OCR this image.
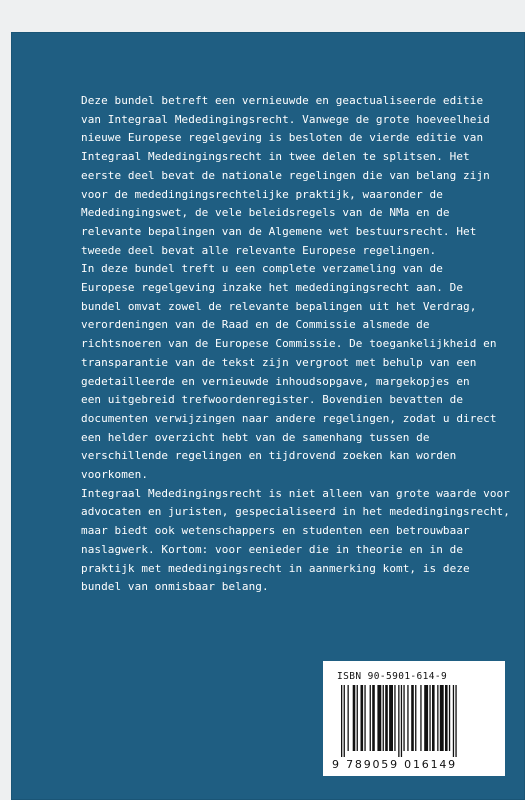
Deze bundel betreft een vernieuwde en geactualiseerde editie
van Integraal Mededingingsrecht. Vanwege de grote hoeveelheid
nieuwe Europese regelgeving is besloten de vierde editie van
Integraal Mededingingsrecht in twee delen te splitsen. Het
eerste deel bevat de nationale regelingen die van belang zijn
voor de mededingingsrechtelijke praktijk, waaronder de
Mededingingswet, de vele beleidsregels van de NMa en de
relevante bepalingen van de Algemene wet bestuursrecht. Het
tweede deel bevat alle relevante Europese regelingen.

In deze bundel treft u een complete verzameling van de
Europese regelgeving inzake het mededingingsrecht aan. De
bundel omvat zowel de relevante bepalingen uit het Verdrag,
verordeningen van de Raad en de Commissie alsmede de
richtsnoeren van de Europese Commissie. De toegankelijkheid en
transparantie van de tekst zijn vergroot met behulp van een
gedetailleerde en vernieuwde inhoudsopgave, margekopjes en
een uitgebreid trefwoordenregister. Bovendien bevatten de
documenten verwijzingen naar andere regelingen, zodat u direct
een helder overzicht hebt van de samenhang tussen de
verschillende regelingen en tijdrovend zoeken kan worden
voorkomen.

Integraal Mededingingsrecht is niet alleen van grote waarde voor
advocaten en juristen, gespecialiseerd in het mededingingsrecht,
maar biedt ook wetenschappers en studenten een betrouwbaar
naslagwerk. Kortom: voor eenieder die in theorie en in de
praktijk met mededingingsrecht in aanmerking komt, is deze
bundel van onmisbaar belang.

ISBN 90-5901-614-9
9 789059 016149
